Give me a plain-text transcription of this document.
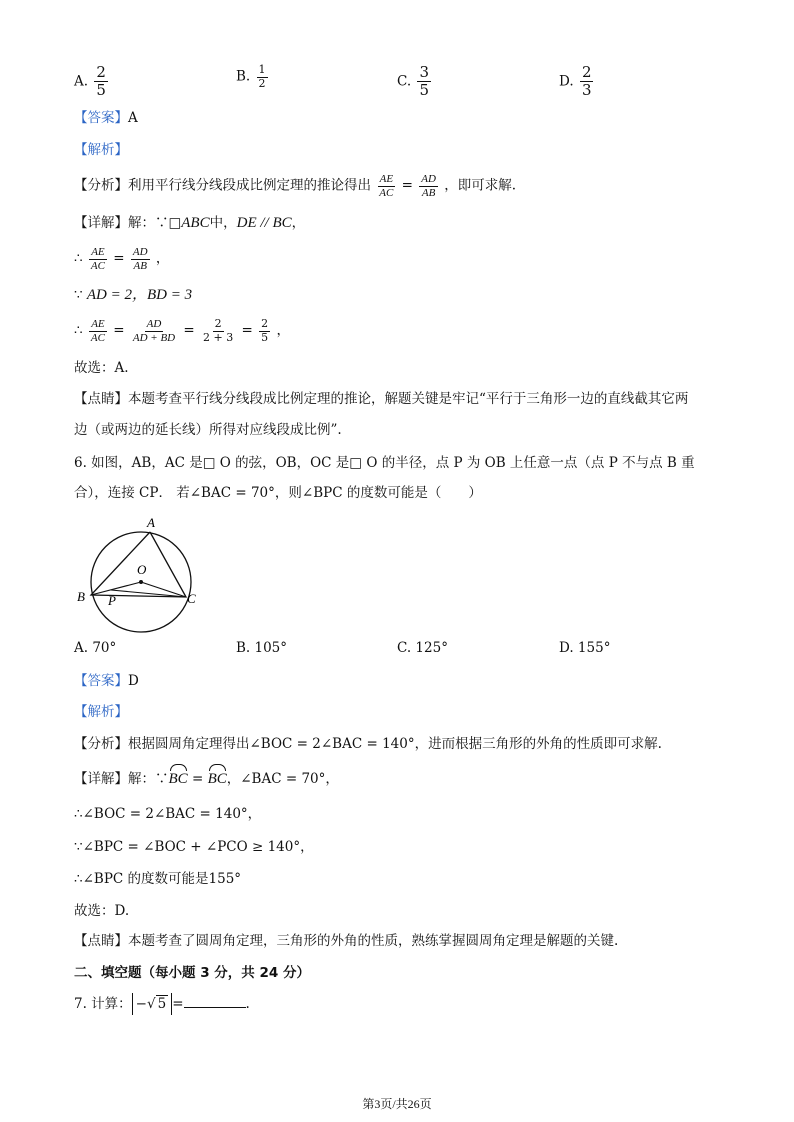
A. $\frac{2}{5}$	B. $\frac{1}{2}$	C. $\frac{3}{5}$	D. $\frac{2}{3}$
【答案】A
【解析】
【分析】利用平行线分线段成比例定理的推论得出 $\frac{AE}{AC} = \frac{AD}{AB}$ ，即可求解.
【详解】解：∵□ABC中，DE // BC，
∴ $\frac{AE}{AC} = \frac{AD}{AB}$ ，
∵ AD = 2，BD = 3
∴ $\frac{AE}{AC} = \frac{AD}{AD + BD} = \frac{2}{2 + 3} = \frac{2}{5}$ ，
故选：A.
【点睛】本题考查平行线分线段成比例定理的推论，解题关键是牢记“平行于三角形一边的直线截其它两
边（或两边的延长线）所得对应线段成比例”.
6. 如图，AB，AC 是□ O 的弦，OB，OC 是□ O 的半径，点 P 为 OB 上任意一点（点 P 不与点 B 重
合），连接 CP． 若∠BAC = 70°，则∠BPC 的度数可能是（　　）
A
O
B P	C
A. 70°	B. 105°	C. 125°	D. 155°
【答案】D
【解析】
【分析】根据圆周角定理得出∠BOC = 2∠BAC = 140°，进而根据三角形的外角的性质即可求解.
【详解】解：∵BC = BC，∠BAC = 70°，
∴∠BOC = 2∠BAC = 140°，
∵∠BPC = ∠BOC + ∠PCO ≥ 140°，
∴∠BPC 的度数可能是155°
故选：D.
【点睛】本题考查了圆周角定理，三角形的外角的性质，熟练掌握圆周角定理是解题的关键.
二、填空题（每小题 3 分，共 24 分）
7. 计算： −√ 5 =	.
第3页/共26页
